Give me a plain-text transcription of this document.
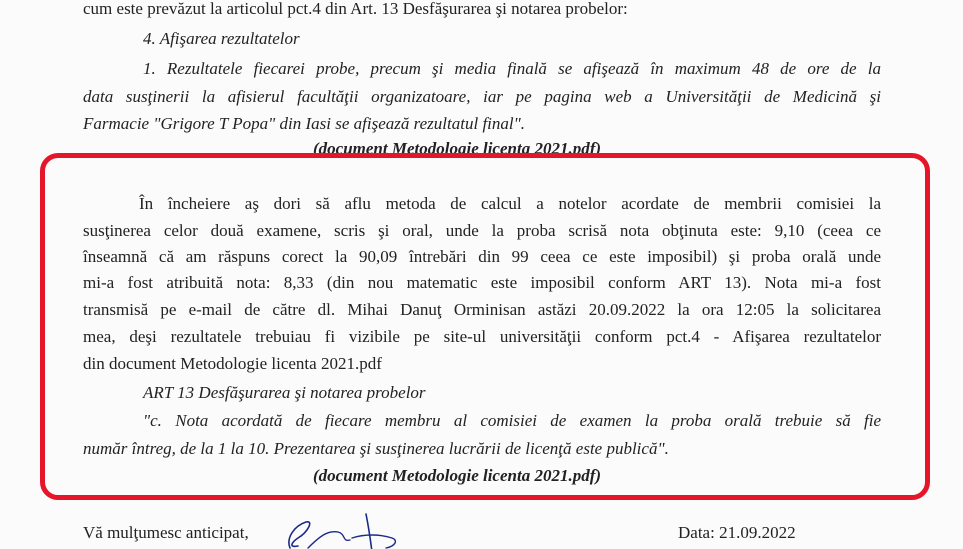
cum este prevăzut la articolul pct.4 din Art. 13 Desfăşurarea şi notarea probelor:

4. Afişarea rezultatelor

1. Rezultatele fiecarei probe, precum şi media finală se afişează în maximum 48 de ore de la

data susţinerii la afisierul facultăţii organizatoare, iar pe pagina web a Universităţii de Medicină şi

Farmacie "Grigore T Popa" din Iasi se afişează rezultatul final".

(document Metodologie licenta 2021.pdf)

În încheiere aş dori să aflu metoda de calcul a notelor acordate de membrii comisiei la

susţinerea celor două examene, scris şi oral, unde la proba scrisă nota obţinuta este: 9,10 (ceea ce

înseamnă că am răspuns corect la 90,09 întrebări din 99 ceea ce este imposibil) şi proba orală unde

mi-a fost atribuită nota: 8,33 (din nou matematic este imposibil conform ART 13). Nota mi-a fost

transmisă pe e-mail de către dl. Mihai Danuţ Orminisan astăzi 20.09.2022 la ora 12:05 la solicitarea

mea, deşi rezultatele trebuiau fi vizibile pe site-ul universităţii conform pct.4 - Afişarea rezultatelor

din document Metodologie licenta 2021.pdf

ART 13 Desfăşurarea şi notarea probelor

"c. Nota acordată de fiecare membru al comisiei de examen la proba orală trebuie să fie

număr întreg, de la 1 la 10. Prezentarea şi susţinerea lucrării de licenţă este publică".

(document Metodologie licenta 2021.pdf)

Vă mulţumesc anticipat,	Data: 21.09.2022
